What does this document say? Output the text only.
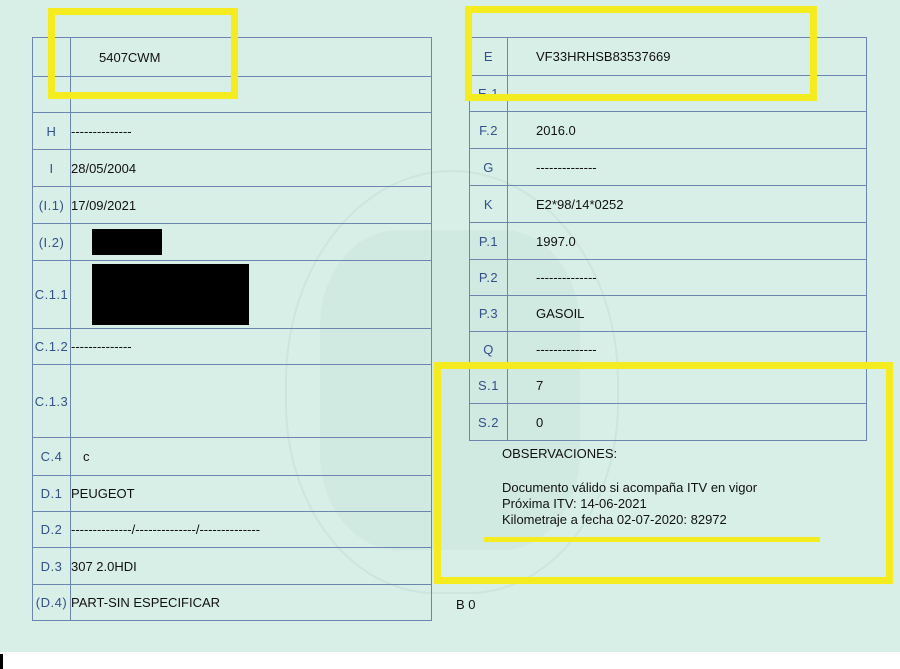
	5407CWM

H	--------------
I	28/05/2004
(I.1)	17/09/2021
(I.2)	
C.1.1	
C.1.2	--------------
C.1.3	
C.4	c
D.1	PEUGEOT
D.2	--------------/--------------/--------------
D.3	307 2.0HDI
(D.4)	PART-SIN ESPECIFICAR
E	VF33HRHSB83537669
E.1	
F.2	2016.0
G	--------------
K	E2*98/14*0252
P.1	1997.0
P.2	--------------
P.3	GASOIL
Q	--------------
S.1	7
S.2	0
OBSERVACIONES:
Documento válido si acompaña ITV en vigor
Próxima ITV: 14-06-2021
Kilometraje a fecha 02-07-2020: 82972
B 0
